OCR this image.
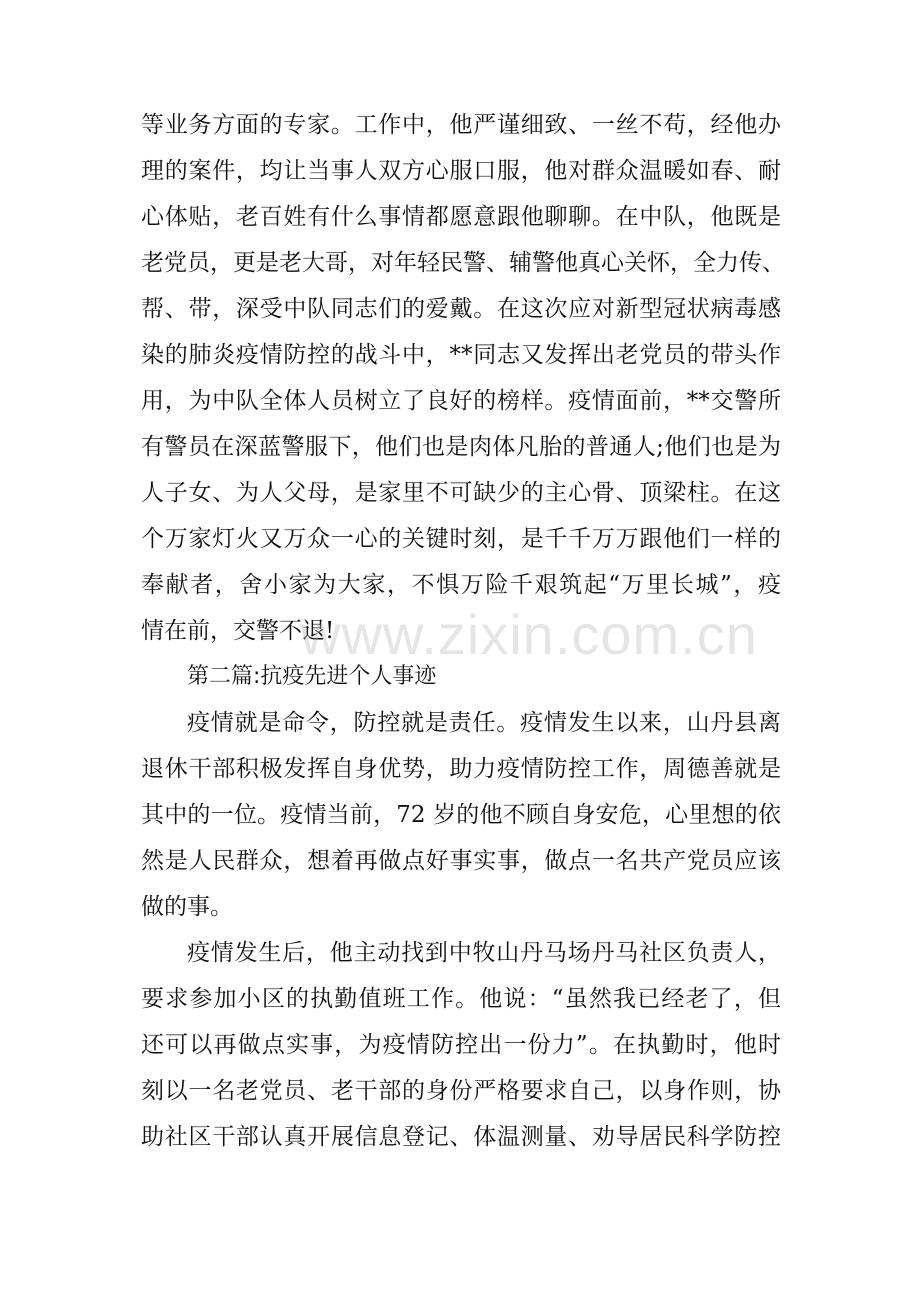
等业务方面的专家。工作中，他严谨细致、一丝不苟，经他办
理的案件，均让当事人双方心服口服，他对群众温暖如春、耐
心体贴，老百姓有什么事情都愿意跟他聊聊。在中队，他既是
老党员，更是老大哥，对年轻民警、辅警他真心关怀，全力传、
帮、带，深受中队同志们的爱戴。在这次应对新型冠状病毒感
染的肺炎疫情防控的战斗中，**同志又发挥出老党员的带头作
用，为中队全体人员树立了良好的榜样。疫情面前，**交警所
有警员在深蓝警服下，他们也是肉体凡胎的普通人;他们也是为
人子女、为人父母，是家里不可缺少的主心骨、顶梁柱。在这
个万家灯火又万众一心的关键时刻，是千千万万跟他们一样的
奉献者，舍小家为大家，不惧万险千艰筑起“万里长城”，疫
情在前，交警不退!
第二篇:抗疫先进个人事迹
疫情就是命令，防控就是责任。疫情发生以来，山丹县离
退休干部积极发挥自身优势，助力疫情防控工作，周德善就是
其中的一位。疫情当前，72 岁的他不顾自身安危，心里想的依
然是人民群众，想着再做点好事实事，做点一名共产党员应该
做的事。
疫情发生后，他主动找到中牧山丹马场丹马社区负责人，
要求参加小区的执勤值班工作。他说：“虽然我已经老了，但
还可以再做点实事，为疫情防控出一份力”。在执勤时，他时
刻以一名老党员、老干部的身份严格要求自己，以身作则，协
助社区干部认真开展信息登记、体温测量、劝导居民科学防控
www.zixin.com.cn
